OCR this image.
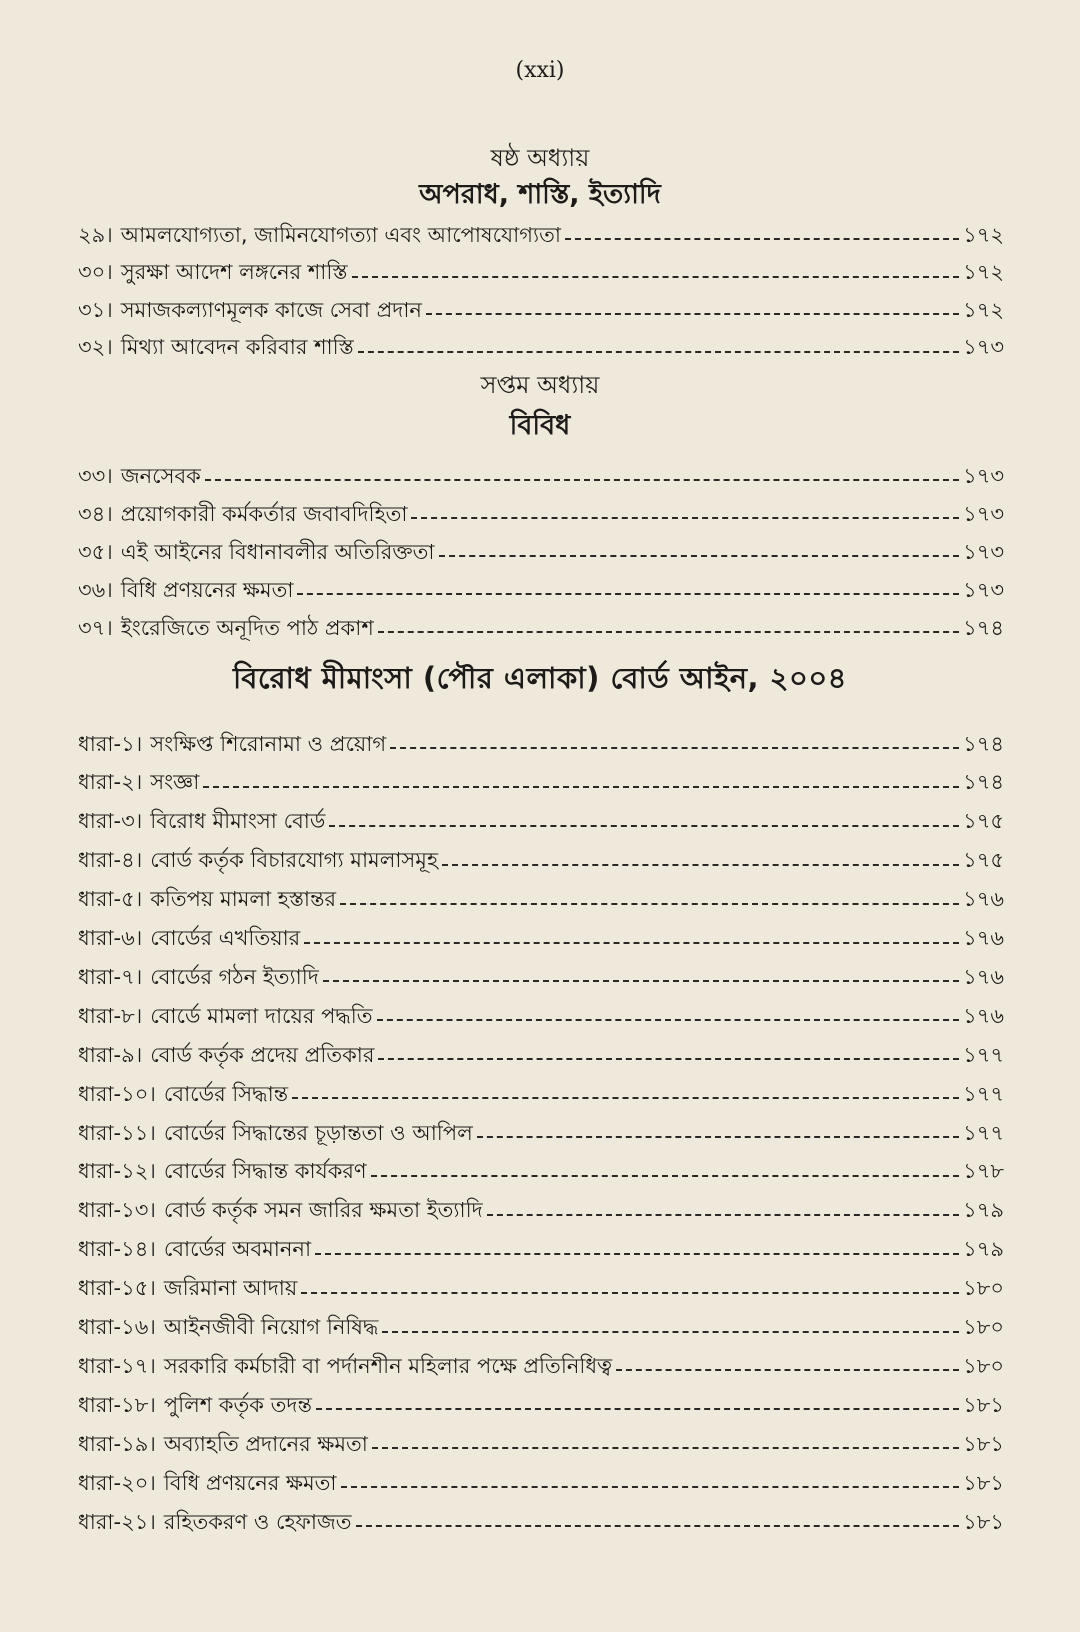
(xxi)
ষষ্ঠ অধ্যায়
অপরাধ, শাস্তি, ইত্যাদি
২৯। আমলযোগ্যতা, জামিনযোগত্যা এবং আপোষযোগ্যতা	১৭২
৩০। সুরক্ষা আদেশ লঙ্গনের শাস্তি	১৭২
৩১। সমাজকল্যাণমূলক কাজে সেবা প্রদান	১৭২
৩২। মিথ্যা আবেদন করিবার শাস্তি	১৭৩
সপ্তম অধ্যায়
বিবিধ
৩৩। জনসেবক	১৭৩
৩৪। প্রয়োগকারী কর্মকর্তার জবাবদিহিতা	১৭৩
৩৫। এই আইনের বিধানাবলীর অতিরিক্ততা	১৭৩
৩৬। বিধি প্রণয়নের ক্ষমতা	১৭৩
৩৭। ইংরেজিতে অনূদিত পাঠ প্রকাশ	১৭৪
বিরোধ মীমাংসা (পৌর এলাকা) বোর্ড আইন, ২০০৪
ধারা-১। সংক্ষিপ্ত শিরোনামা ও প্রয়োগ	১৭৪
ধারা-২। সংজ্ঞা	১৭৪
ধারা-৩। বিরোধ মীমাংসা বোর্ড	১৭৫
ধারা-৪। বোর্ড কর্তৃক বিচারযোগ্য মামলাসমূহ	১৭৫
ধারা-৫। কতিপয় মামলা হস্তান্তর	১৭৬
ধারা-৬। বোর্ডের এখতিয়ার	১৭৬
ধারা-৭। বোর্ডের গঠন ইত্যাদি	১৭৬
ধারা-৮। বোর্ডে মামলা দায়ের পদ্ধতি	১৭৬
ধারা-৯। বোর্ড কর্তৃক প্রদেয় প্রতিকার	১৭৭
ধারা-১০। বোর্ডের সিদ্ধান্ত	১৭৭
ধারা-১১। বোর্ডের সিদ্ধান্তের চূড়ান্ততা ও আপিল	১৭৭
ধারা-১২। বোর্ডের সিদ্ধান্ত কার্যকরণ	১৭৮
ধারা-১৩। বোর্ড কর্তৃক সমন জারির ক্ষমতা ইত্যাদি	১৭৯
ধারা-১৪। বোর্ডের অবমাননা	১৭৯
ধারা-১৫। জরিমানা আদায়	১৮০
ধারা-১৬। আইনজীবী নিয়োগ নিষিদ্ধ	১৮০
ধারা-১৭। সরকারি কর্মচারী বা পর্দানশীন মহিলার পক্ষে প্রতিনিধিত্ব	১৮০
ধারা-১৮। পুলিশ কর্তৃক তদন্ত	১৮১
ধারা-১৯। অব্যাহতি প্রদানের ক্ষমতা	১৮১
ধারা-২০। বিধি প্রণয়নের ক্ষমতা	১৮১
ধারা-২১। রহিতকরণ ও হেফাজত	১৮১
